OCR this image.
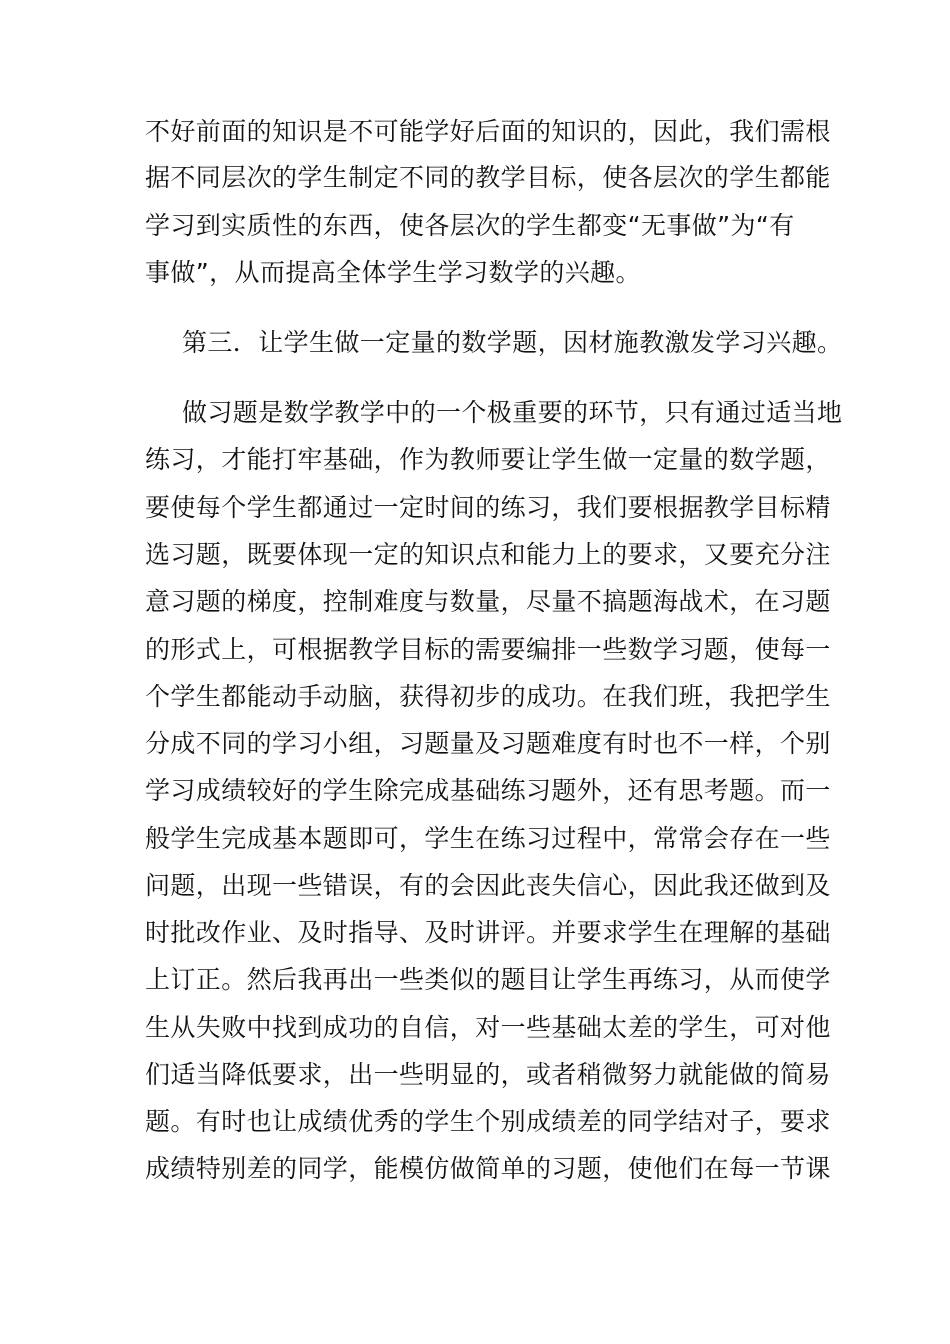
不好前面的知识是不可能学好后面的知识的，因此，我们需根
据不同层次的学生制定不同的教学目标，使各层次的学生都能
学习到实质性的东西，使各层次的学生都变“无事做”为“有
事做”，从而提高全体学生学习数学的兴趣。
第三．让学生做一定量的数学题，因材施教激发学习兴趣。
做习题是数学教学中的一个极重要的环节，只有通过适当地
练习，才能打牢基础，作为教师要让学生做一定量的数学题，
要使每个学生都通过一定时间的练习，我们要根据教学目标精
选习题，既要体现一定的知识点和能力上的要求，又要充分注
意习题的梯度，控制难度与数量，尽量不搞题海战术，在习题
的形式上，可根据教学目标的需要编排一些数学习题，使每一
个学生都能动手动脑，获得初步的成功。在我们班，我把学生
分成不同的学习小组，习题量及习题难度有时也不一样，个别
学习成绩较好的学生除完成基础练习题外，还有思考题。而一
般学生完成基本题即可，学生在练习过程中，常常会存在一些
问题，出现一些错误，有的会因此丧失信心，因此我还做到及
时批改作业、及时指导、及时讲评。并要求学生在理解的基础
上订正。然后我再出一些类似的题目让学生再练习，从而使学
生从失败中找到成功的自信，对一些基础太差的学生，可对他
们适当降低要求，出一些明显的，或者稍微努力就能做的简易
题。有时也让成绩优秀的学生个别成绩差的同学结对子，要求
成绩特别差的同学，能模仿做简单的习题，使他们在每一节课
